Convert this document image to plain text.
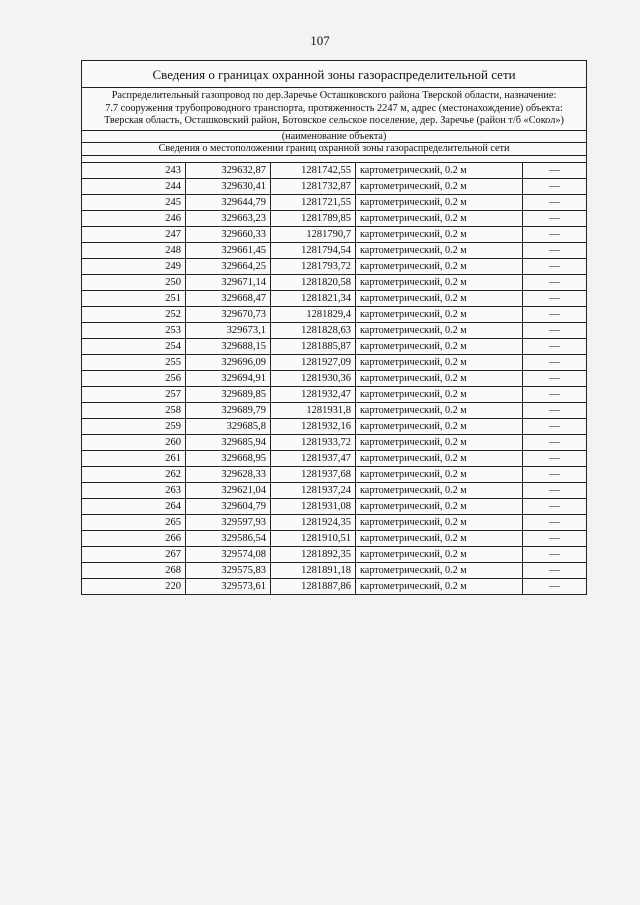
107
Сведения о границах охранной зоны газораспределительной сети				

Распределительный газопровод по дер.Заречье Осташковского района Тверской области, назначение:
7.7 сооружения трубопроводного транспорта, протяженность 2247 м, адрес (местонахождение) объекта:
Тверская область, Осташковский район, Ботовское сельское поселение, дер. Заречье (район т/б «Сокол»)				

(наименование объекта)				
Сведения о местоположении границ охранной зоны газораспределительной сети				

243	329632,87	1281742,55	картометрический, 0.2 м	—
244	329630,41	1281732,87	картометрический, 0.2 м	—
245	329644,79	1281721,55	картометрический, 0.2 м	—
246	329663,23	1281789,85	картометрический, 0.2 м	—
247	329660,33	1281790,7	картометрический, 0.2 м	—
248	329661,45	1281794,54	картометрический, 0.2 м	—
249	329664,25	1281793,72	картометрический, 0.2 м	—
250	329671,14	1281820,58	картометрический, 0.2 м	—
251	329668,47	1281821,34	картометрический, 0.2 м	—
252	329670,73	1281829,4	картометрический, 0.2 м	—
253	329673,1	1281828,63	картометрический, 0.2 м	—
254	329688,15	1281885,87	картометрический, 0.2 м	—
255	329696,09	1281927,09	картометрический, 0.2 м	—
256	329694,91	1281930,36	картометрический, 0.2 м	—
257	329689,85	1281932,47	картометрический, 0.2 м	—
258	329689,79	1281931,8	картометрический, 0.2 м	—
259	329685,8	1281932,16	картометрический, 0.2 м	—
260	329685,94	1281933,72	картометрический, 0.2 м	—
261	329668,95	1281937,47	картометрический, 0.2 м	—
262	329628,33	1281937,68	картометрический, 0.2 м	—
263	329621,04	1281937,24	картометрический, 0.2 м	—
264	329604,79	1281931,08	картометрический, 0.2 м	—
265	329597,93	1281924,35	картометрический, 0.2 м	—
266	329586,54	1281910,51	картометрический, 0.2 м	—
267	329574,08	1281892,35	картометрический, 0.2 м	—
268	329575,83	1281891,18	картометрический, 0.2 м	—
220	329573,61	1281887,86	картометрический, 0.2 м	—
